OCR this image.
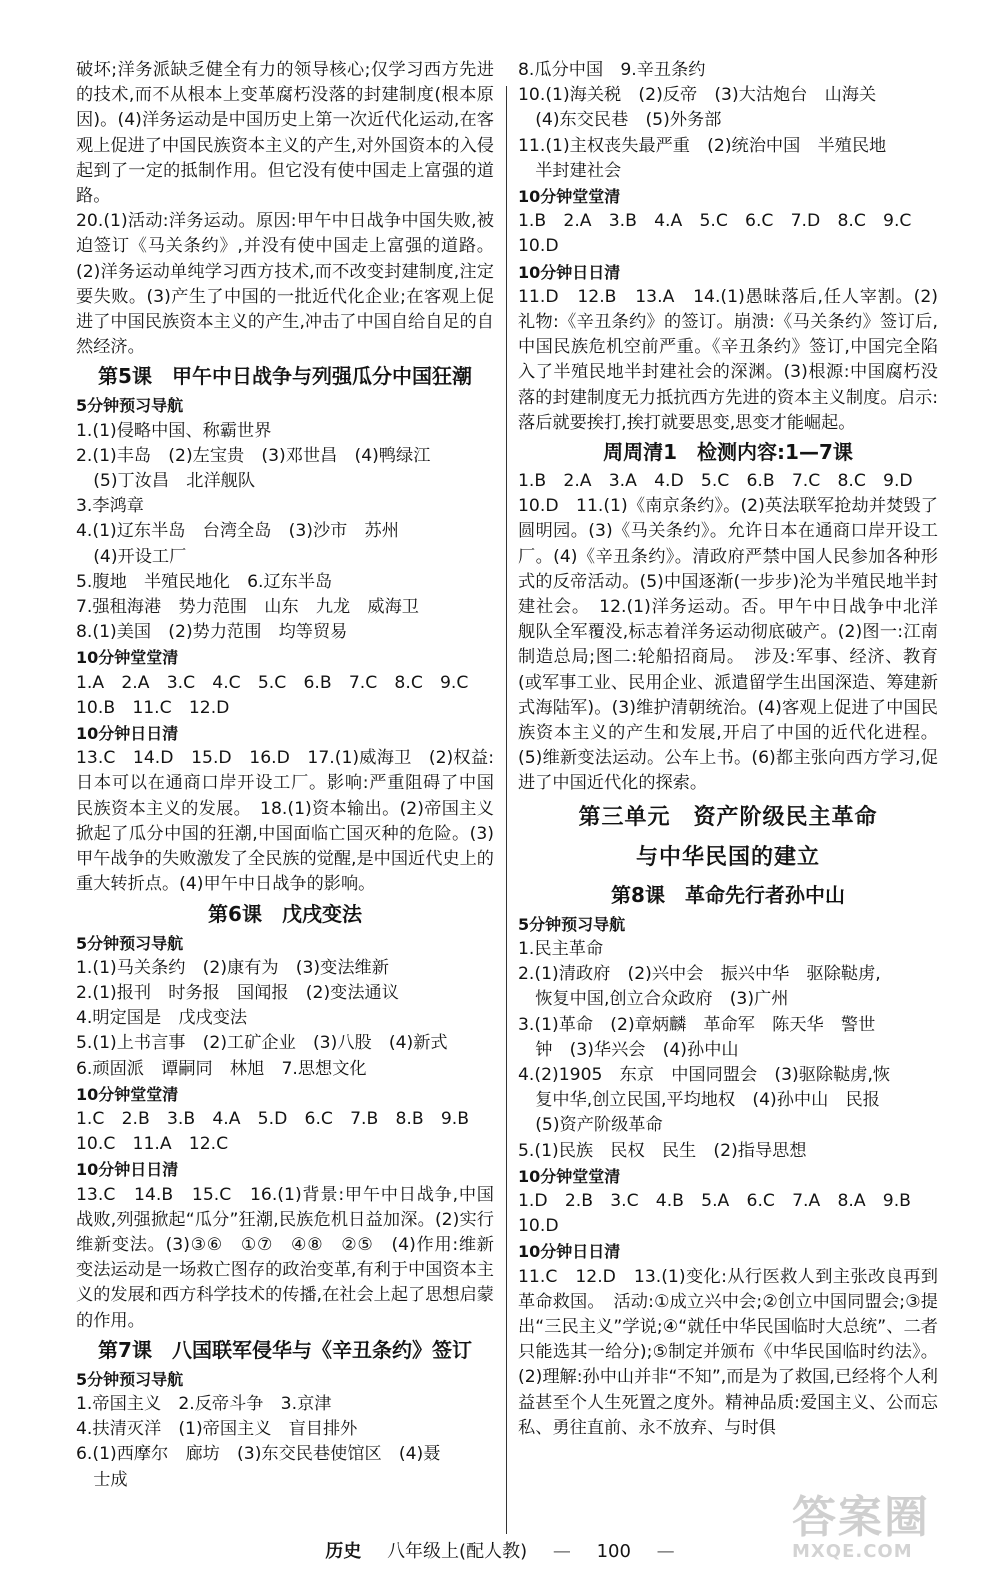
破坏;洋务派缺乏健全有力的领导核心;仅学习西方先进的技术,而不从根本上变革腐朽没落的封建制度(根本原因)。(4)洋务运动是中国历史上第一次近代化运动,在客观上促进了中国民族资本主义的产生,对外国资本的入侵起到了一定的抵制作用。但它没有使中国走上富强的道路。

20.(1)活动:洋务运动。原因:甲午中日战争中国失败,被迫签订《马关条约》,并没有使中国走上富强的道路。(2)洋务运动单纯学习西方技术,而不改变封建制度,注定要失败。(3)产生了中国的一批近代化企业;在客观上促进了中国民族资本主义的产生,冲击了中国自给自足的自然经济。

第5课　甲午中日战争与列强瓜分中国狂潮

5分钟预习导航

1.(1)侵略中国、称霸世界

2.(1)丰岛　(2)左宝贵　(3)邓世昌　(4)鸭绿江

　(5)丁汝昌　北洋舰队

3.李鸿章

4.(1)辽东半岛　台湾全岛　(3)沙市　苏州

　(4)开设工厂

5.腹地　半殖民地化　6.辽东半岛

7.强租海港　势力范围　山东　九龙　威海卫

8.(1)美国　(2)势力范围　均等贸易

10分钟堂堂清

1.A　2.A　3.C　4.C　5.C　6.B　7.C　8.C　9.C

10.B　11.C　12.D

10分钟日日清

13.C　14.D　15.D　16.D　17.(1)威海卫　(2)权益:日本可以在通商口岸开设工厂。影响:严重阻碍了中国民族资本主义的发展。　18.(1)资本输出。(2)帝国主义掀起了瓜分中国的狂潮,中国面临亡国灭种的危险。(3)甲午战争的失败激发了全民族的觉醒,是中国近代史上的重大转折点。(4)甲午中日战争的影响。

第6课　戊戌变法

5分钟预习导航

1.(1)马关条约　(2)康有为　(3)变法维新

2.(1)报刊　时务报　国闻报　(2)变法通议

4.明定国是　戊戌变法

5.(1)上书言事　(2)工矿企业　(3)八股　(4)新式

6.顽固派　谭嗣同　林旭　7.思想文化

10分钟堂堂清

1.C　2.B　3.B　4.A　5.D　6.C　7.B　8.B　9.B

10.C　11.A　12.C

10分钟日日清

13.C　14.B　15.C　16.(1)背景:甲午中日战争,中国战败,列强掀起“瓜分”狂潮,民族危机日益加深。(2)实行维新变法。(3)③⑥　①⑦　④⑧　②⑤　(4)作用:维新变法运动是一场救亡图存的政治变革,有利于中国资本主义的发展和西方科学技术的传播,在社会上起了思想启蒙的作用。

第7课　八国联军侵华与《辛丑条约》签订

5分钟预习导航

1.帝国主义　2.反帝斗争　3.京津

4.扶清灭洋　(1)帝国主义　盲目排外

6.(1)西摩尔　廊坊　(3)东交民巷使馆区　(4)聂

　士成

8.瓜分中国　9.辛丑条约

10.(1)海关税　(2)反帝　(3)大沽炮台　山海关

　(4)东交民巷　(5)外务部

11.(1)主权丧失最严重　(2)统治中国　半殖民地

　半封建社会

10分钟堂堂清

1.B　2.A　3.B　4.A　5.C　6.C　7.D　8.C　9.C

10.D

10分钟日日清

11.D　12.B　13.A　14.(1)愚昧落后,任人宰割。(2)礼物:《辛丑条约》的签订。崩溃:《马关条约》签订后,中国民族危机空前严重。《辛丑条约》签订,中国完全陷入了半殖民地半封建社会的深渊。(3)根源:中国腐朽没落的封建制度无力抵抗西方先进的资本主义制度。启示:落后就要挨打,挨打就要思变,思变才能崛起。

周周清1　检测内容:1—7课

1.B　2.A　3.A　4.D　5.C　6.B　7.C　8.C　9.D

10.D　11.(1)《南京条约》。(2)英法联军抢劫并焚毁了圆明园。(3)《马关条约》。允许日本在通商口岸开设工厂。(4)《辛丑条约》。清政府严禁中国人民参加各种形式的反帝活动。(5)中国逐渐(一步步)沦为半殖民地半封建社会。　12.(1)洋务运动。否。甲午中日战争中北洋舰队全军覆没,标志着洋务运动彻底破产。(2)图一:江南制造总局;图二:轮船招商局。　涉及:军事、经济、教育(或军事工业、民用企业、派遣留学生出国深造、筹建新式海陆军)。(3)维护清朝统治。(4)客观上促进了中国民族资本主义的产生和发展,开启了中国的近代化进程。(5)维新变法运动。公车上书。(6)都主张向西方学习,促进了中国近代化的探索。

第三单元　资产阶级民主革命

与中华民国的建立

第8课　革命先行者孙中山

5分钟预习导航

1.民主革命

2.(1)清政府　(2)兴中会　振兴中华　驱除鞑虏,

　恢复中国,创立合众政府　(3)广州

3.(1)革命　(2)章炳麟　革命军　陈天华　警世

　钟　(3)华兴会　(4)孙中山

4.(2)1905　东京　中国同盟会　(3)驱除鞑虏,恢

　复中华,创立民国,平均地权　(4)孙中山　民报

　(5)资产阶级革命

5.(1)民族　民权　民生　(2)指导思想

10分钟堂堂清

1.D　2.B　3.C　4.B　5.A　6.C　7.A　8.A　9.B

10.D

10分钟日日清

11.C　12.D　13.(1)变化:从行医救人到主张改良再到革命救国。　活动:①成立兴中会;②创立中国同盟会;③提出“三民主义”学说;④“就任中华民国临时大总统”、二者只能选其一给分);⑤制定并颁布《中华民国临时约法》。(2)理解:孙中山并非“不知”,而是为了救国,已经将个人利益甚至个人生死置之度外。精神品质:爱国主义、公而忘私、勇往直前、永不放弃、与时俱

历史 八年级上(配人教) — 100 —
答案圈
MXQE.COM
